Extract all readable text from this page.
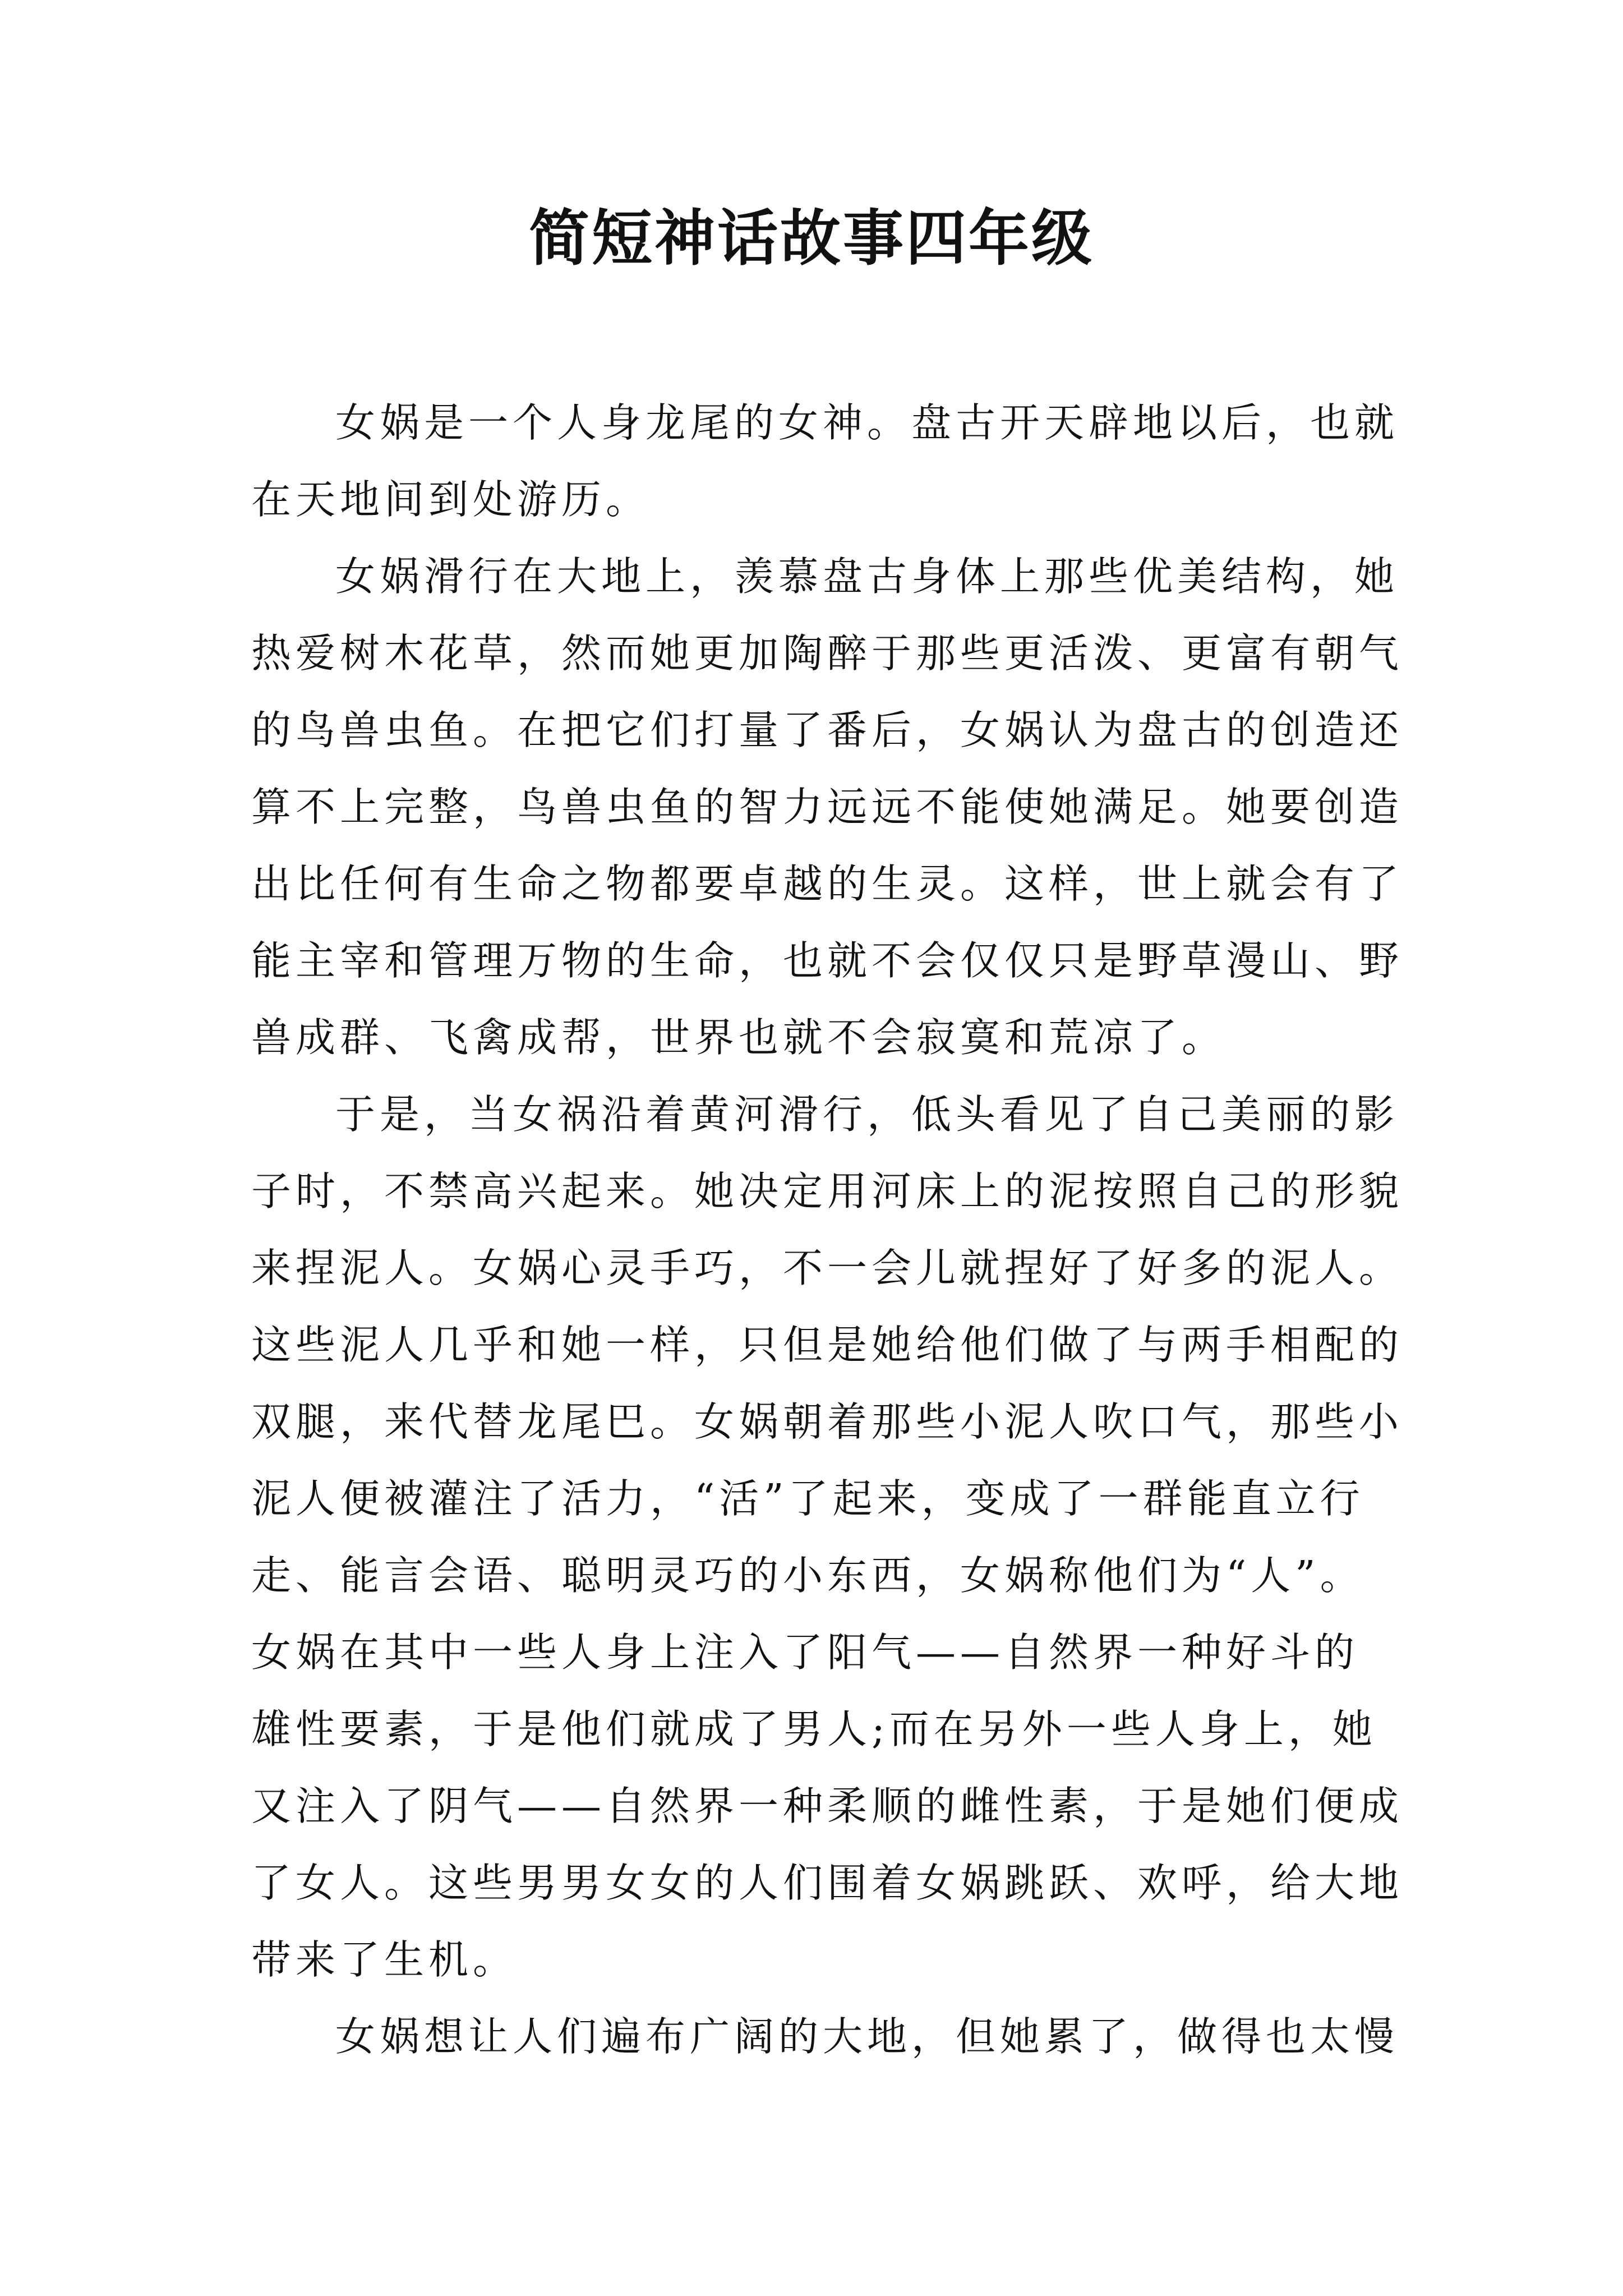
简短神话故事四年级

女娲是一个人身龙尾的女神。盘古开天辟地以后，也就

在天地间到处游历。

女娲滑行在大地上，羡慕盘古身体上那些优美结构，她

热爱树木花草，然而她更加陶醉于那些更活泼、更富有朝气

的鸟兽虫鱼。在把它们打量了番后，女娲认为盘古的创造还

算不上完整，鸟兽虫鱼的智力远远不能使她满足。她要创造

出比任何有生命之物都要卓越的生灵。这样，世上就会有了

能主宰和管理万物的生命，也就不会仅仅只是野草漫山、野

兽成群、飞禽成帮，世界也就不会寂寞和荒凉了。

于是，当女祸沿着黄河滑行，低头看见了自己美丽的影

子时，不禁高兴起来。她决定用河床上的泥按照自己的形貌

来捏泥人。女娲心灵手巧，不一会儿就捏好了好多的泥人。

这些泥人几乎和她一样，只但是她给他们做了与两手相配的

双腿，来代替龙尾巴。女娲朝着那些小泥人吹口气，那些小

泥人便被灌注了活力，“活”了起来，变成了一群能直立行

走、能言会语、聪明灵巧的小东西，女娲称他们为“人”。

女娲在其中一些人身上注入了阳气——自然界一种好斗的

雄性要素，于是他们就成了男人;而在另外一些人身上，她

又注入了阴气——自然界一种柔顺的雌性素，于是她们便成

了女人。这些男男女女的人们围着女娲跳跃、欢呼，给大地

带来了生机。

女娲想让人们遍布广阔的大地，但她累了，做得也太慢
